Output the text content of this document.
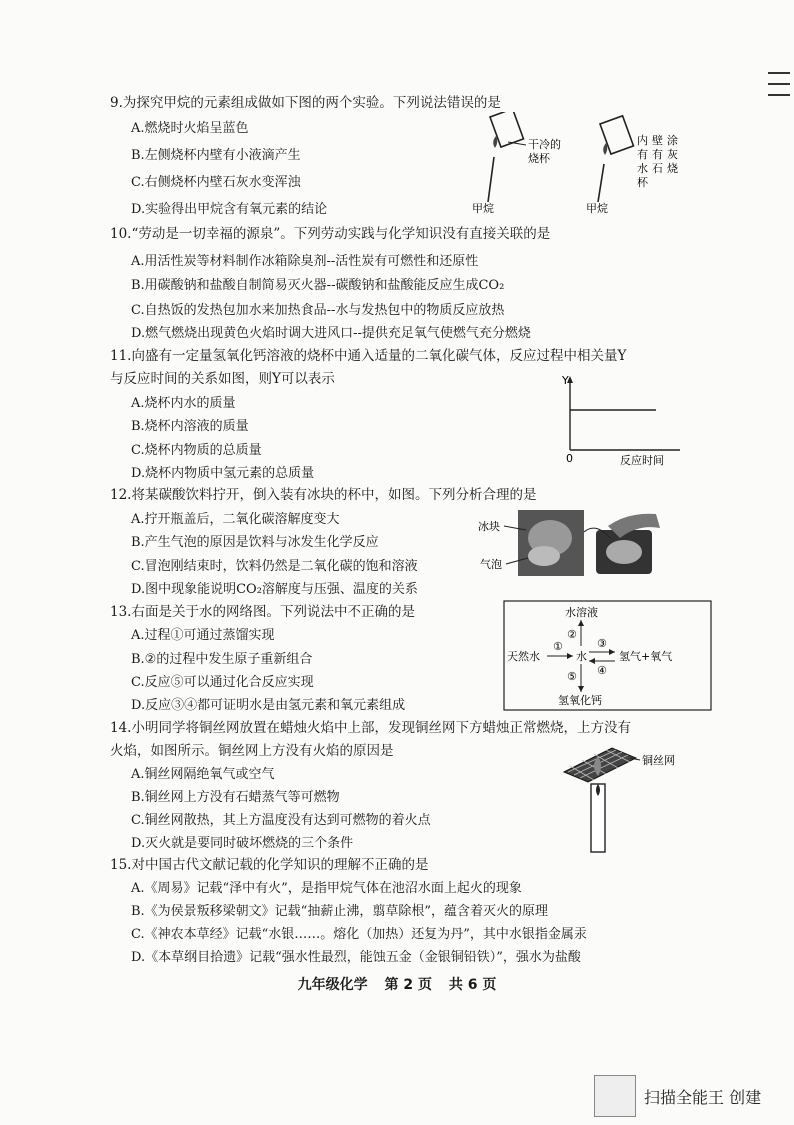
9.为探究甲烷的元素组成做如下图的两个实验。下列说法错误的是
A.燃烧时火焰呈蓝色
B.左侧烧杯内壁有小液滴产生
C.右侧烧杯内壁石灰水变浑浊
D.实验得出甲烷含有氧元素的结论
干冷的
烧杯
内
有
水
杯
壁
有
石
涂
灰
烧
甲烷	甲烷
10.“劳动是一切幸福的源泉”。下列劳动实践与化学知识没有直接关联的是
A.用活性炭等材料制作冰箱除臭剂--活性炭有可燃性和还原性
B.用碳酸钠和盐酸自制简易灭火器--碳酸钠和盐酸能反应生成CO₂
C.自热饭的发热包加水来加热食品--水与发热包中的物质反应放热
D.燃气燃烧出现黄色火焰时调大进风口--提供充足氧气使燃气充分燃烧
11.向盛有一定量氢氧化钙溶液的烧杯中通入适量的二氧化碳气体，反应过程中相关量Y
与反应时间的关系如图，则Y可以表示
A.烧杯内水的质量
B.烧杯内溶液的质量
C.烧杯内物质的总质量
D.烧杯内物质中氢元素的总质量
Y
0	反应时间
12.将某碳酸饮料拧开，倒入装有冰块的杯中，如图。下列分析合理的是
A.拧开瓶盖后，二氧化碳溶解度变大
B.产生气泡的原因是饮料与冰发生化学反应
C.冒泡刚结束时，饮料仍然是二氧化碳的饱和溶液
D.图中现象能说明CO₂溶解度与压强、温度的关系
冰块
气泡
13.右面是关于水的网络图。下列说法中不正确的是
A.过程①可通过蒸馏实现
B.②的过程中发生原子重新组合
C.反应⑤可以通过化合反应实现
D.反应③④都可证明水是由氢元素和氧元素组成
水溶液
天然水	水	氢气+氧气
氢氧化钙
①
②
③
④
⑤
14.小明同学将铜丝网放置在蜡烛火焰中上部，发现铜丝网下方蜡烛正常燃烧，上方没有
火焰，如图所示。铜丝网上方没有火焰的原因是
A.铜丝网隔绝氧气或空气
B.铜丝网上方没有石蜡蒸气等可燃物
C.铜丝网散热，其上方温度没有达到可燃物的着火点
D.灭火就是要同时破坏燃烧的三个条件
铜丝网
15.对中国古代文献记载的化学知识的理解不正确的是
A.《周易》记载“泽中有火”，是指甲烷气体在池沼水面上起火的现象
B.《为侯景叛移梁朝文》记载“抽薪止沸，翦草除根”，蕴含着灭火的原理
C.《神农本草经》记载“水银……。熔化（加热）还复为丹”，其中水银指金属汞
D.《本草纲目拾遗》记载“强水性最烈，能蚀五金（金银铜铅铁）”，强水为盐酸
九年级化学 第 2 页 共 6 页
扫描全能王 创建
